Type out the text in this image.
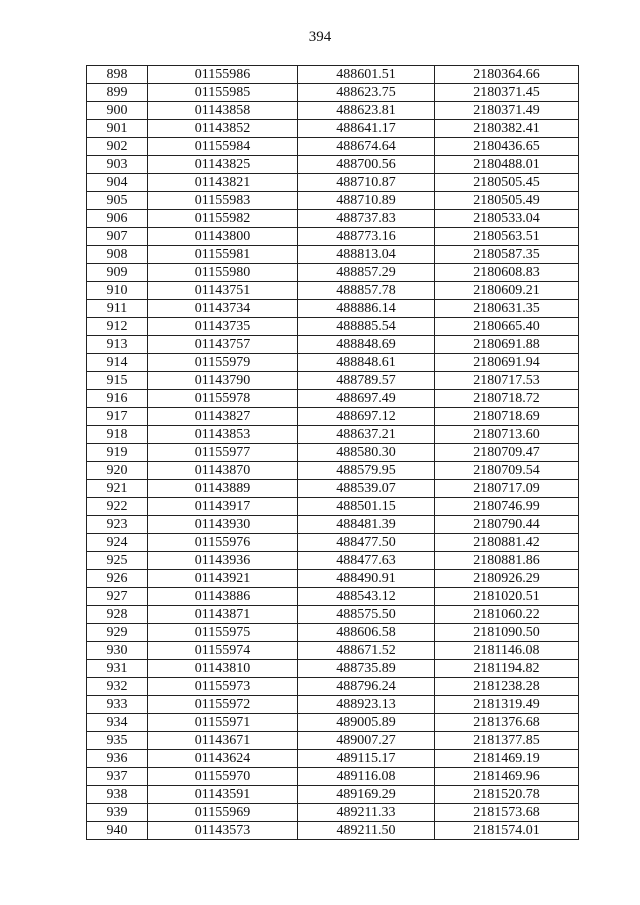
394
898	01155986	488601.51	2180364.66
899	01155985	488623.75	2180371.45
900	01143858	488623.81	2180371.49
901	01143852	488641.17	2180382.41
902	01155984	488674.64	2180436.65
903	01143825	488700.56	2180488.01
904	01143821	488710.87	2180505.45
905	01155983	488710.89	2180505.49
906	01155982	488737.83	2180533.04
907	01143800	488773.16	2180563.51
908	01155981	488813.04	2180587.35
909	01155980	488857.29	2180608.83
910	01143751	488857.78	2180609.21
911	01143734	488886.14	2180631.35
912	01143735	488885.54	2180665.40
913	01143757	488848.69	2180691.88
914	01155979	488848.61	2180691.94
915	01143790	488789.57	2180717.53
916	01155978	488697.49	2180718.72
917	01143827	488697.12	2180718.69
918	01143853	488637.21	2180713.60
919	01155977	488580.30	2180709.47
920	01143870	488579.95	2180709.54
921	01143889	488539.07	2180717.09
922	01143917	488501.15	2180746.99
923	01143930	488481.39	2180790.44
924	01155976	488477.50	2180881.42
925	01143936	488477.63	2180881.86
926	01143921	488490.91	2180926.29
927	01143886	488543.12	2181020.51
928	01143871	488575.50	2181060.22
929	01155975	488606.58	2181090.50
930	01155974	488671.52	2181146.08
931	01143810	488735.89	2181194.82
932	01155973	488796.24	2181238.28
933	01155972	488923.13	2181319.49
934	01155971	489005.89	2181376.68
935	01143671	489007.27	2181377.85
936	01143624	489115.17	2181469.19
937	01155970	489116.08	2181469.96
938	01143591	489169.29	2181520.78
939	01155969	489211.33	2181573.68
940	01143573	489211.50	2181574.01
